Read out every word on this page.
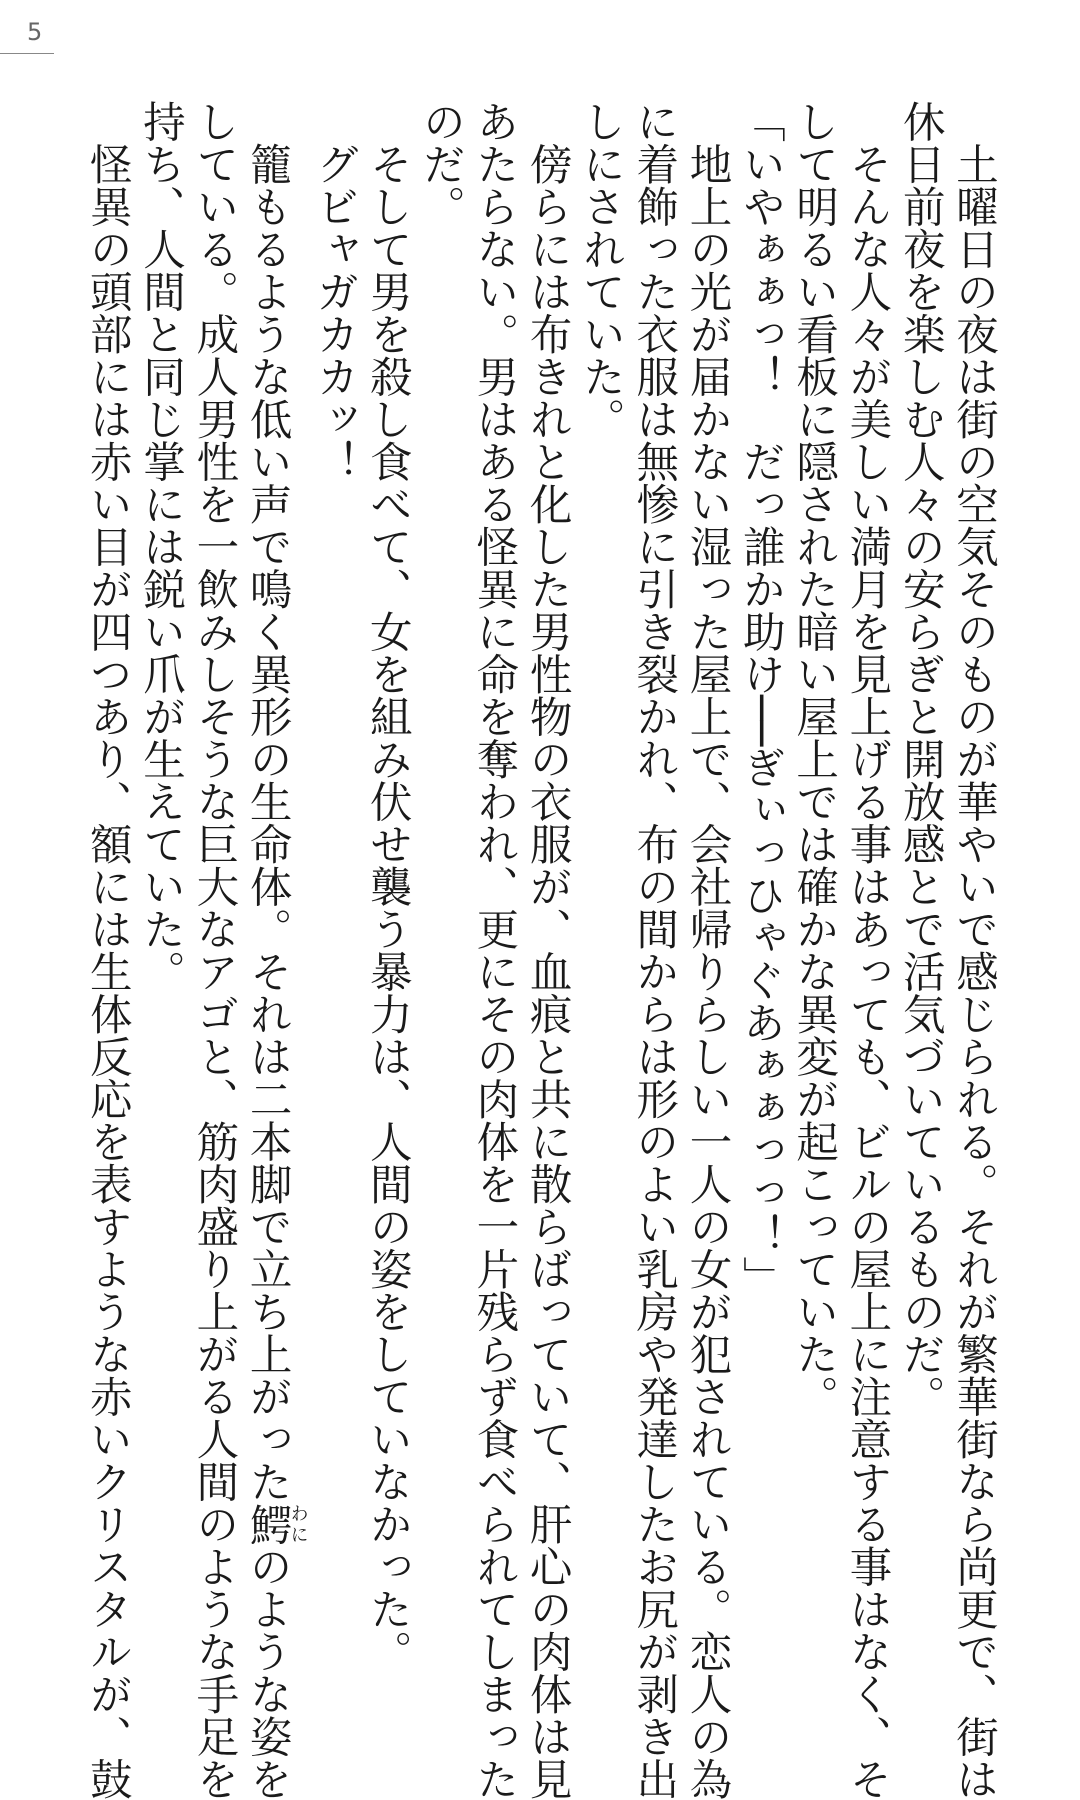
5
　土曜日の夜は街の空気そのものが華やいで感じられる。それが繁華街なら尚更で、街は
休日前夜を楽しむ人々の安らぎと開放感とで活気づいているものだ。
　そんな人々が美しい満月を見上げる事はあっても、ビルの屋上に注意する事はなく、そ
して明るい看板に隠された暗い屋上では確かな異変が起こっていた。
「いやぁぁっ！　だっ誰か助け──ぎぃっひゃぐあぁぁっっ！」
　地上の光が届かない湿った屋上で、会社帰りらしい一人の女が犯されている。恋人の為
に着飾った衣服は無惨に引き裂かれ、布の間からは形のよい乳房や発達したお尻が剥き出
しにされていた。
　傍らには布きれと化した男性物の衣服が、血痕と共に散らばっていて、肝心の肉体は見
あたらない。男はある怪異に命を奪われ、更にその肉体を一片残らず食べられてしまった
のだ。
　そして男を殺し食べて、女を組み伏せ襲う暴力は、人間の姿をしていなかった。
　グビャガカカッ！
　籠もるような低い声で鳴く異形の生命体。それは二本脚で立ち上がった鰐わにのような姿を
している。成人男性を一飲みしそうな巨大なアゴと、筋肉盛り上がる人間のような手足を
持ち、人間と同じ掌には鋭い爪が生えていた。
　怪異の頭部には赤い目が四つあり、額には生体反応を表すような赤いクリスタルが、鼓
